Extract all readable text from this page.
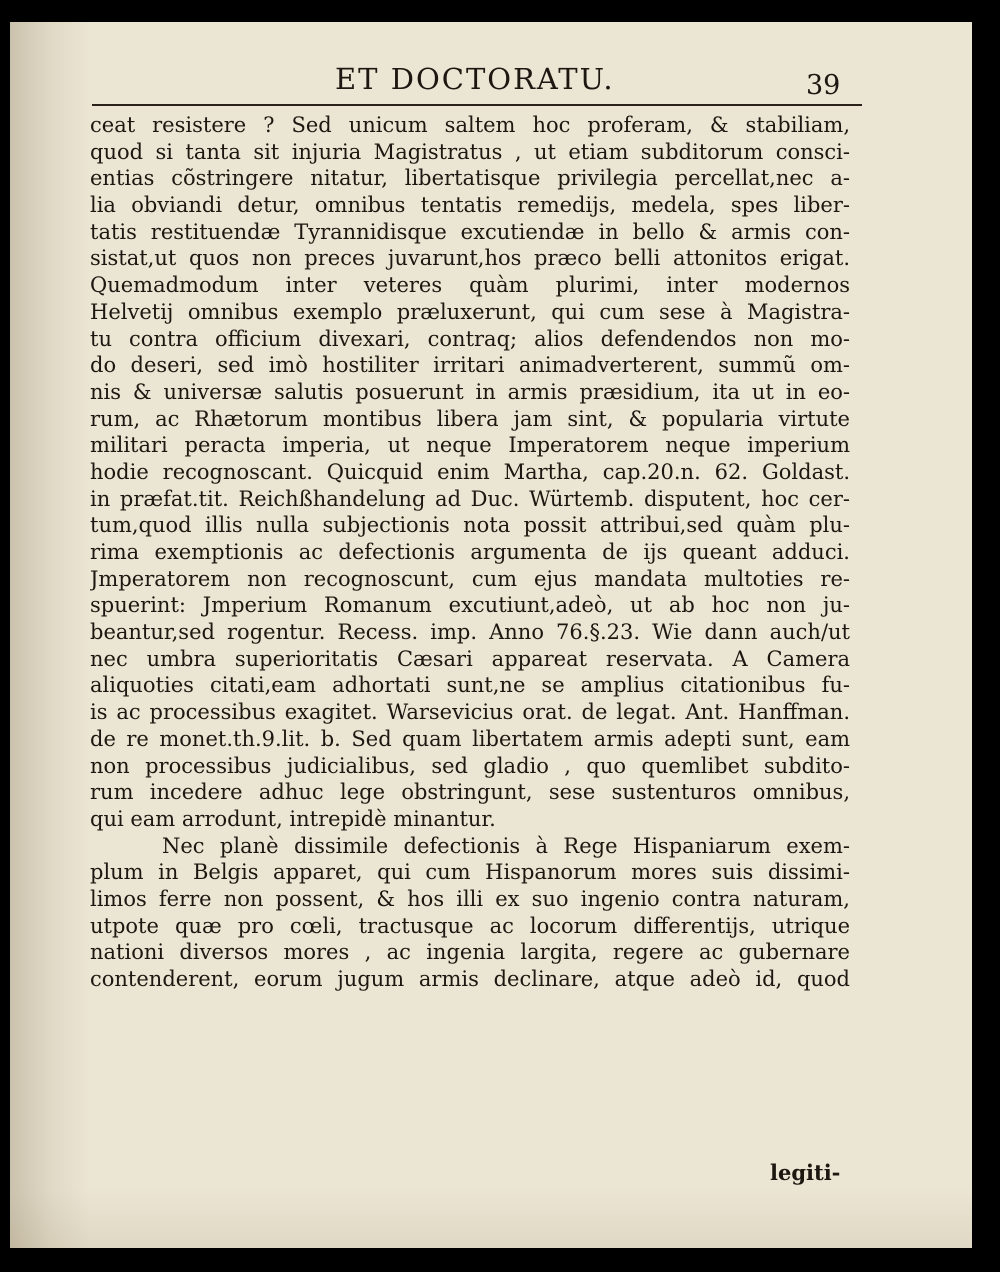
ET DOCTORATU.	39
ceat resistere ? Sed unicum saltem hoc proferam, & stabiliam,
quod si tanta sit injuria Magistratus , ut etiam subditorum consci-
entias cõstringere nitatur, libertatisque privilegia percellat,nec a-
lia obviandi detur, omnibus tentatis remedijs, medela, spes liber-
tatis restituendæ Tyrannidisque excutiendæ in bello & armis con-
sistat,ut quos non preces juvarunt,hos præco belli attonitos erigat.
Quemadmodum inter veteres quàm plurimi, inter modernos
Helvetij omnibus exemplo præluxerunt, qui cum sese à Magistra-
tu contra officium divexari, contraq; alios defendendos non mo-
do deseri, sed imò hostiliter irritari animadverterent, summũ om-
nis & universæ salutis posuerunt in armis præsidium, ita ut in eo-
rum, ac Rhætorum montibus libera jam sint, & popularia virtute
militari peracta imperia, ut neque Imperatorem neque imperium
hodie recognoscant. Quicquid enim Martha, cap.20.n. 62. Goldast.
in præfat.tit. Reichßhandelung ad Duc. Würtemb. disputent, hoc cer-
tum,quod illis nulla subjectionis nota possit attribui,sed quàm plu-
rima exemptionis ac defectionis argumenta de ijs queant adduci.
Jmperatorem non recognoscunt, cum ejus mandata multoties re-
spuerint: Jmperium Romanum excutiunt,adeò, ut ab hoc non ju-
beantur,sed rogentur. Recess. imp. Anno 76.§.23. Wie dann auch/ut
nec umbra superioritatis Cæsari appareat reservata. A Camera
aliquoties citati,eam adhortati sunt,ne se amplius citationibus fu-
is ac processibus exagitet. Warsevicius orat. de legat. Ant. Hanffman.
de re monet.th.9.lit. b. Sed quam libertatem armis adepti sunt, eam
non processibus judicialibus, sed gladio , quo quemlibet subdito-
rum incedere adhuc lege obstringunt, sese sustenturos omnibus,
qui eam arrodunt, intrepidè minantur.
Nec planè dissimile defectionis à Rege Hispaniarum exem-
plum in Belgis apparet, qui cum Hispanorum mores suis dissimi-
limos ferre non possent, & hos illi ex suo ingenio contra naturam,
utpote quæ pro cœli, tractusque ac locorum differentijs, utrique
nationi diversos mores , ac ingenia largita, regere ac gubernare
contenderent, eorum jugum armis declinare, atque adeò id, quod
legiti-
